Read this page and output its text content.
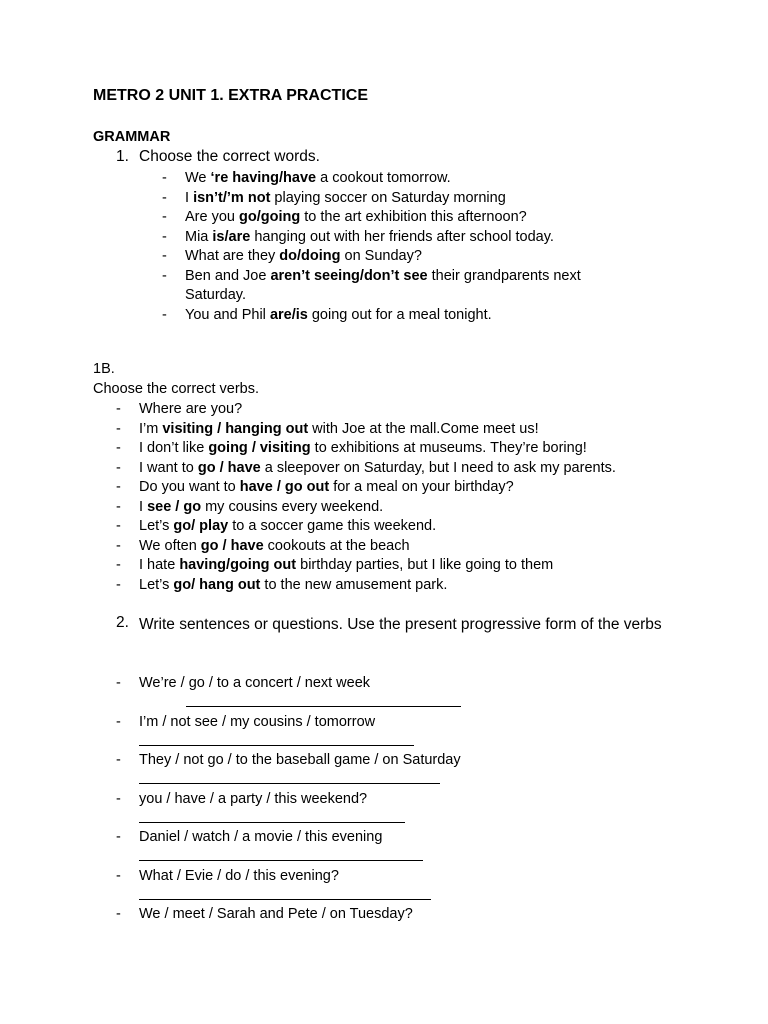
METRO 2 UNIT 1. EXTRA PRACTICE
GRAMMAR
1. Choose the correct words.
- We ‘re having/have a cookout tomorrow.
- I isn’t/’m not playing soccer on Saturday morning
- Are you go/going to the art exhibition this afternoon?
- Mia is/are hanging out with her friends after school today.
- What are they do/doing on Sunday?
- Ben and Joe aren’t seeing/don’t see their grandparents next Saturday.
- You and Phil are/is going out for a meal tonight.
1B.
Choose the correct verbs.
- Where are you?
- I’m visiting / hanging out with Joe at the mall.Come meet us!
- I don’t like going / visiting to exhibitions at museums. They’re boring!
- I want to go / have a sleepover on Saturday, but I need to ask my parents.
- Do you want to have / go out for a meal on your birthday?
- I see / go my cousins every weekend.
- Let’s go/ play to a soccer game this weekend.
- We often go / have cookouts at the beach
- I hate having/going out birthday parties, but I like going to them
- Let’s go/ hang out to the new amusement park.
2. Write sentences or questions. Use the present progressive form of the verbs
- We’re / go / to a concert / next week
- I’m / not see / my cousins / tomorrow
- They / not go / to the baseball game / on Saturday
- you / have / a party / this weekend?
- Daniel / watch / a movie / this evening
- What / Evie / do / this evening?
- We / meet / Sarah and Pete / on Tuesday?
